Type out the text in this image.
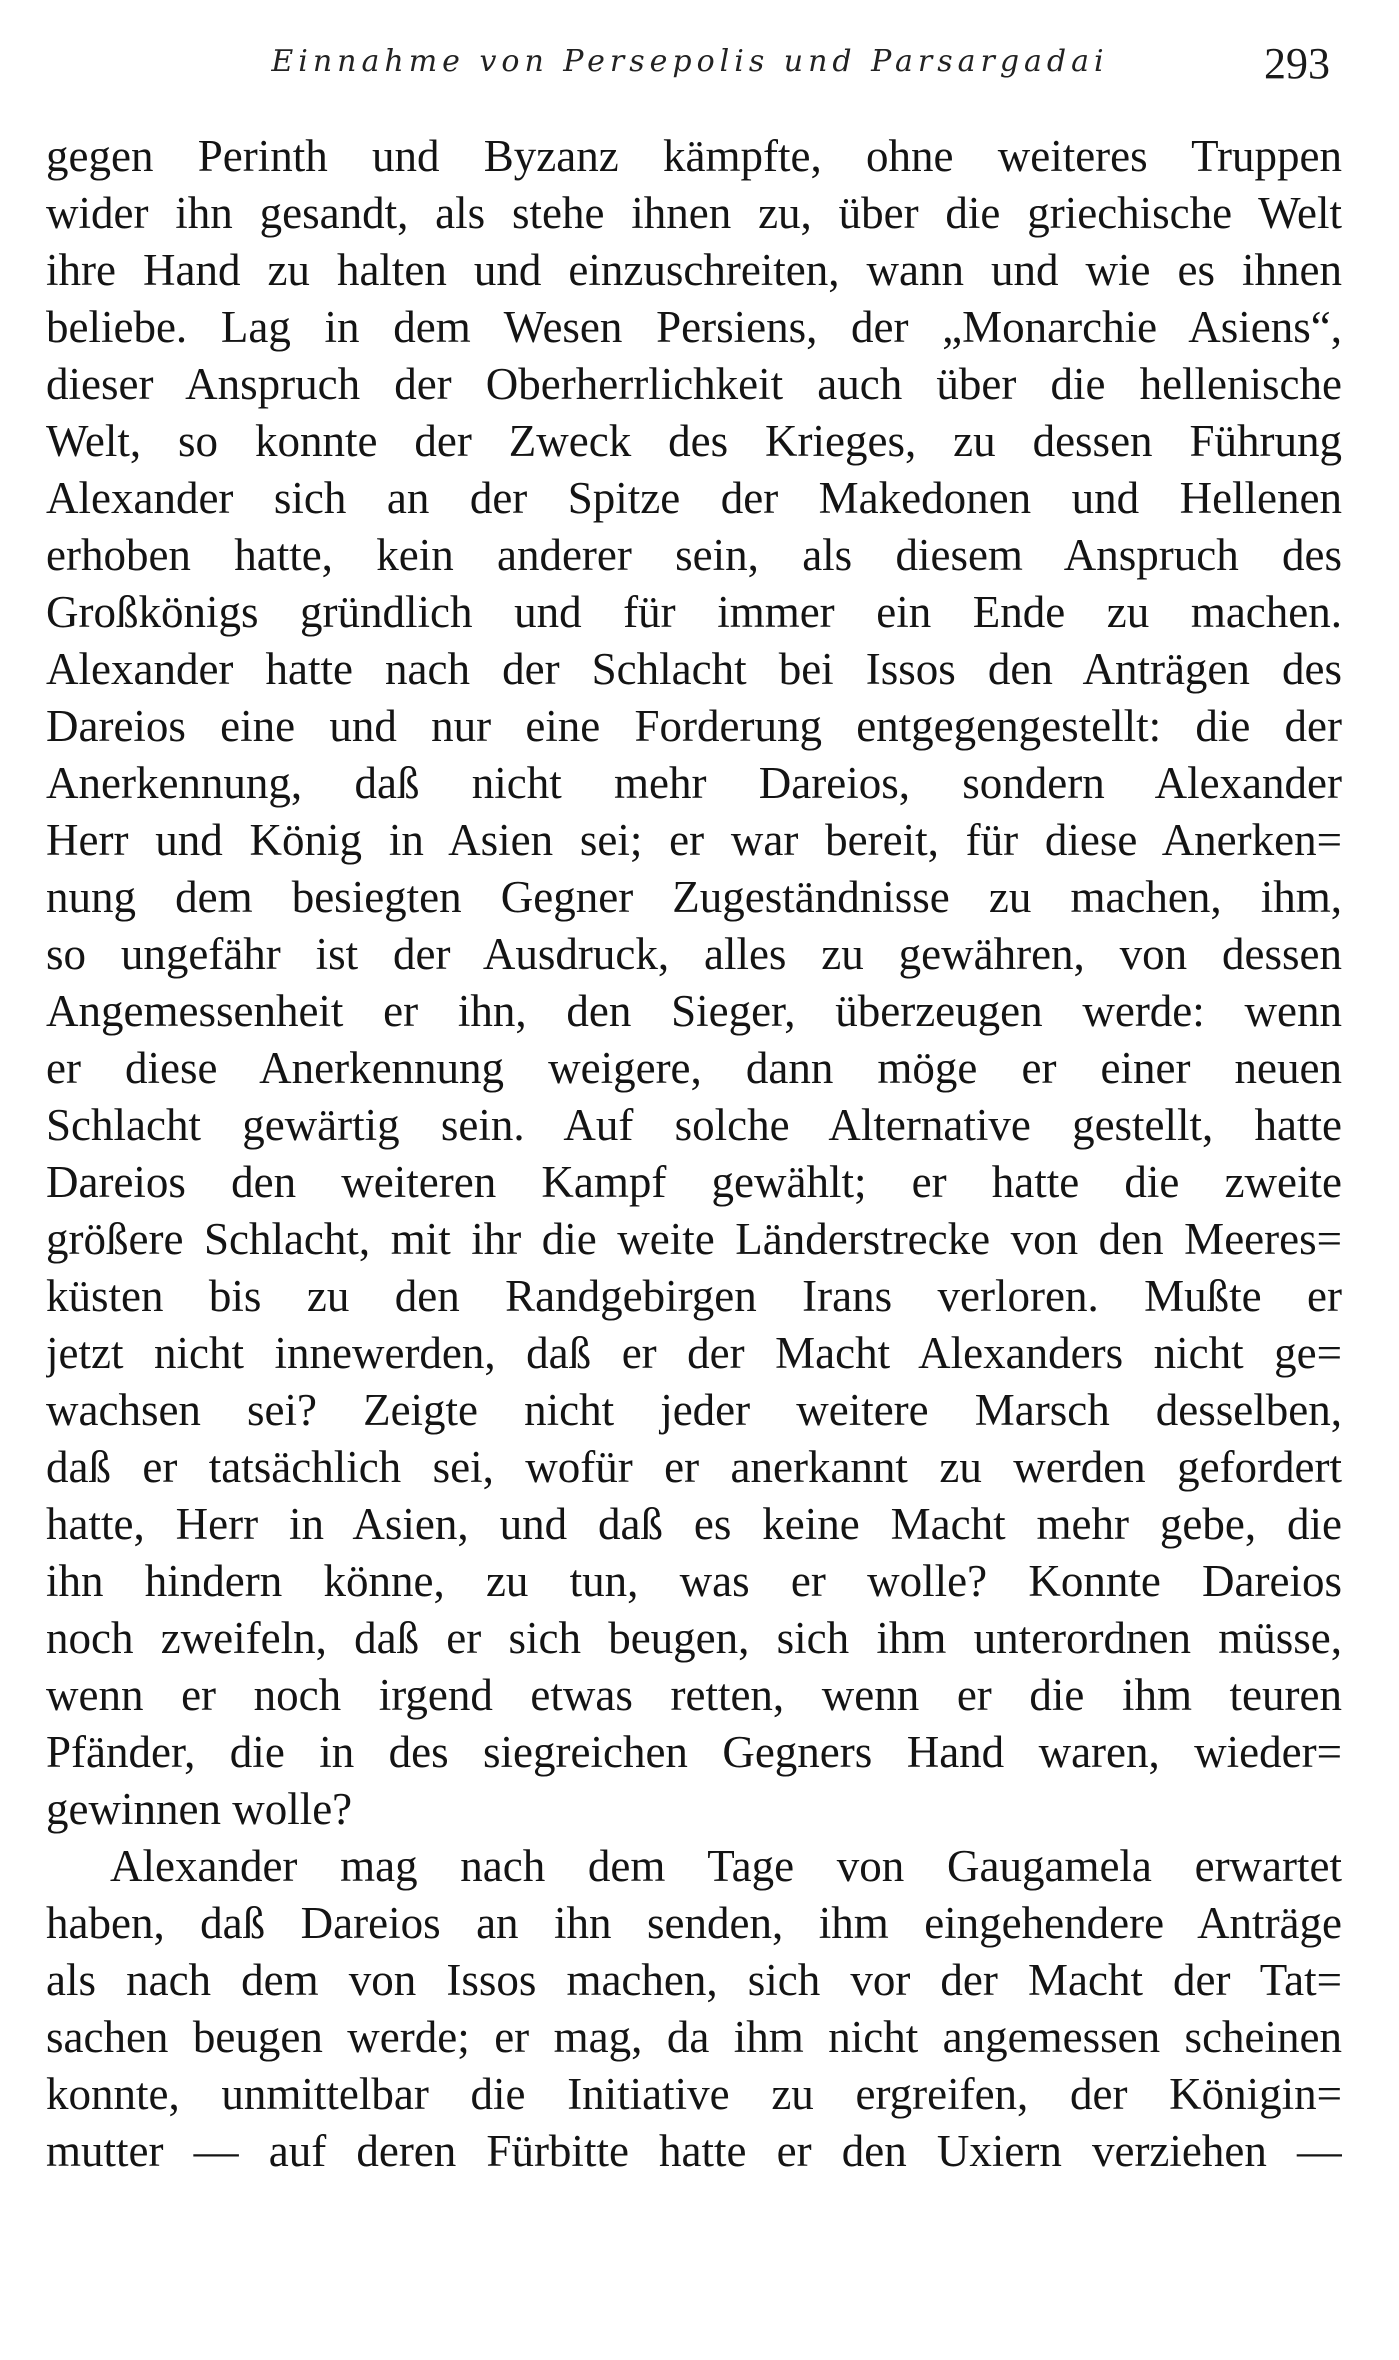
Einnahme von Persepolis und Parsargadai	293
gegen Perinth und Byzanz kämpfte, ohne weiteres Truppen
wider ihn gesandt, als stehe ihnen zu, über die griechische Welt
ihre Hand zu halten und einzuschreiten, wann und wie es ihnen
beliebe. Lag in dem Wesen Persiens, der „Monarchie Asiens“,
dieser Anspruch der Oberherrlichkeit auch über die hellenische
Welt, so konnte der Zweck des Krieges, zu dessen Führung
Alexander sich an der Spitze der Makedonen und Hellenen
erhoben hatte, kein anderer sein, als diesem Anspruch des
Großkönigs gründlich und für immer ein Ende zu machen.
Alexander hatte nach der Schlacht bei Issos den Anträgen des
Dareios eine und nur eine Forderung entgegengestellt: die der
Anerkennung, daß nicht mehr Dareios, sondern Alexander
Herr und König in Asien sei; er war bereit, für diese Anerken=
nung dem besiegten Gegner Zugeständnisse zu machen, ihm,
so ungefähr ist der Ausdruck, alles zu gewähren, von dessen
Angemessenheit er ihn, den Sieger, überzeugen werde: wenn
er diese Anerkennung weigere, dann möge er einer neuen
Schlacht gewärtig sein. Auf solche Alternative gestellt, hatte
Dareios den weiteren Kampf gewählt; er hatte die zweite
größere Schlacht, mit ihr die weite Länderstrecke von den Meeres=
küsten bis zu den Randgebirgen Irans verloren. Mußte er
jetzt nicht innewerden, daß er der Macht Alexanders nicht ge=
wachsen sei? Zeigte nicht jeder weitere Marsch desselben,
daß er tatsächlich sei, wofür er anerkannt zu werden gefordert
hatte, Herr in Asien, und daß es keine Macht mehr gebe, die
ihn hindern könne, zu tun, was er wolle? Konnte Dareios
noch zweifeln, daß er sich beugen, sich ihm unterordnen müsse,
wenn er noch irgend etwas retten, wenn er die ihm teuren
Pfänder, die in des siegreichen Gegners Hand waren, wieder=
gewinnen wolle?
Alexander mag nach dem Tage von Gaugamela erwartet
haben, daß Dareios an ihn senden, ihm eingehendere Anträge
als nach dem von Issos machen, sich vor der Macht der Tat=
sachen beugen werde; er mag, da ihm nicht angemessen scheinen
konnte, unmittelbar die Initiative zu ergreifen, der Königin=
mutter — auf deren Fürbitte hatte er den Uxiern verziehen —
